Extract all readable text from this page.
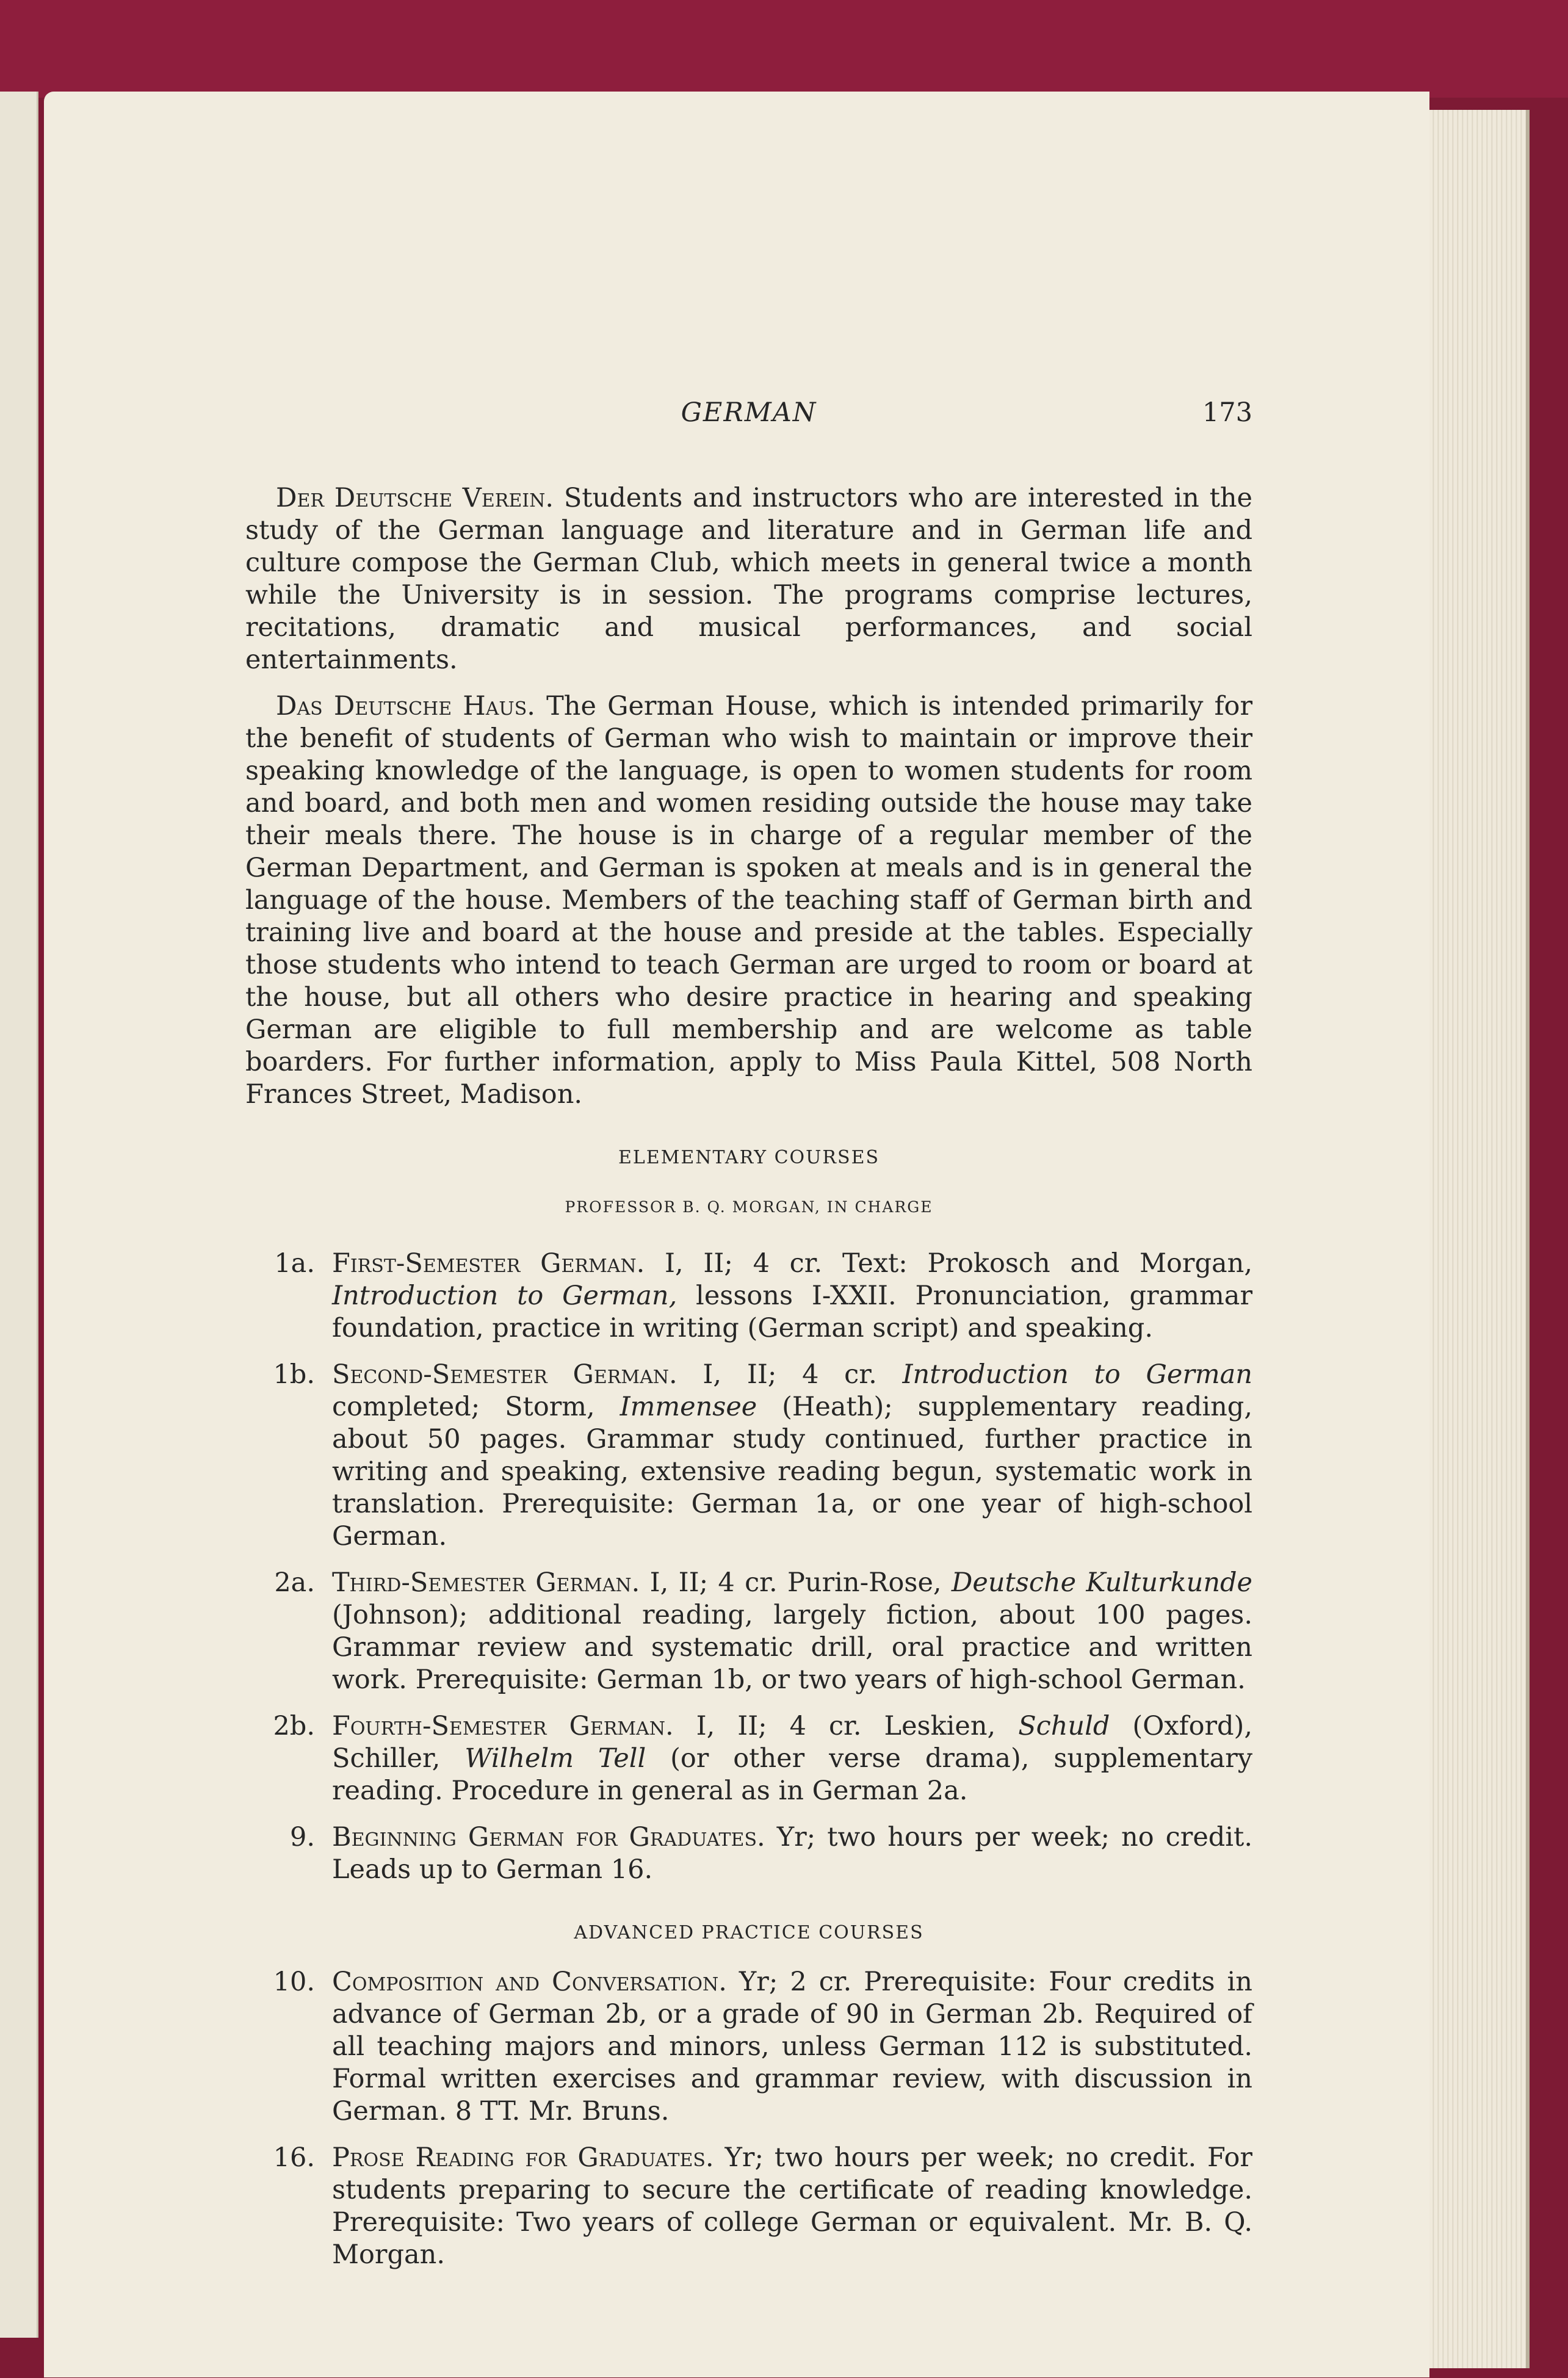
GERMAN	173

Der Deutsche Verein. Students and instructors who are interested in the study of the German language and literature and in German life and culture compose the German Club, which meets in general twice a month while the University is in session. The programs comprise lectures, recitations, dramatic and musical performances, and social entertainments.

Das Deutsche Haus. The German House, which is intended primarily for the benefit of students of German who wish to maintain or improve their speaking knowledge of the language, is open to women students for room and board, and both men and women residing outside the house may take their meals there. The house is in charge of a regular member of the German Department, and German is spoken at meals and is in general the language of the house. Members of the teaching staff of German birth and training live and board at the house and preside at the tables. Especially those students who intend to teach German are urged to room or board at the house, but all others who desire practice in hearing and speaking German are eligible to full membership and are welcome as table boarders. For further information, apply to Miss Paula Kittel, 508 North Frances Street, Madison.

ELEMENTARY COURSES
PROFESSOR B. Q. MORGAN, IN CHARGE
1a. First-Semester German. I, II; 4 cr. Text: Prokosch and Morgan, Introduction to German, lessons I-XXII. Pronunciation, grammar foundation, practice in writing (German script) and speaking.
1b. Second-Semester German. I, II; 4 cr. Introduction to German completed; Storm, Immensee (Heath); supplementary reading, about 50 pages. Grammar study continued, further practice in writing and speaking, extensive reading begun, systematic work in translation. Prerequisite: German 1a, or one year of high-school German.
2a. Third-Semester German. I, II; 4 cr. Purin-Rose, Deutsche Kulturkunde (Johnson); additional reading, largely fiction, about 100 pages. Grammar review and systematic drill, oral practice and written work. Prerequisite: German 1b, or two years of high-school German.
2b. Fourth-Semester German. I, II; 4 cr. Leskien, Schuld (Oxford), Schiller, Wilhelm Tell (or other verse drama), supplementary reading. Procedure in general as in German 2a.
9. Beginning German for Graduates. Yr; two hours per week; no credit. Leads up to German 16.
ADVANCED PRACTICE COURSES
10. Composition and Conversation. Yr; 2 cr. Prerequisite: Four credits in advance of German 2b, or a grade of 90 in German 2b. Required of all teaching majors and minors, unless German 112 is substituted. Formal written exercises and grammar review, with discussion in German. 8 TT. Mr. Bruns.
16. Prose Reading for Graduates. Yr; two hours per week; no credit. For students preparing to secure the certificate of reading knowledge. Prerequisite: Two years of college German or equivalent. Mr. B. Q. Morgan.
